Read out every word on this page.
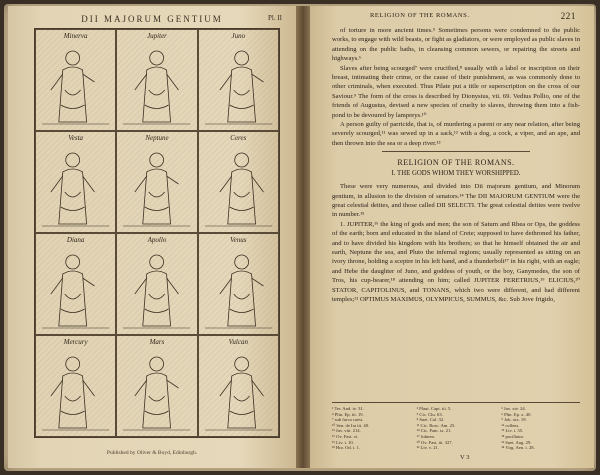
DII MAJORUM GENTIUM	Pl. II
Minerva	Jupiter	Juno
Vesta	Neptune	Ceres
Diana	Apollo	Venus
Mercury	Mars	Vulcan
Published by Oliver & Boyd, Edinburgh.
RELIGION OF THE ROMANS.	221

of torture in more ancient times.⁵ Sometimes persons were condemned to the public works, to engage with wild beasts, or fight as gladiators, or were employed as public slaves in attending on the public baths, in cleansing common sewers, or repairing the streets and highways.⁶

Slaves after being scourged⁷ were crucified,⁸ usually with a label or inscription on their breast, intimating their crime, or the cause of their punishment, as was commonly done to other criminals, when executed. Thus Pilate put a title or superscription on the cross of our Saviour.⁹ The form of the cross is described by Dionysius, vii. 69. Vedius Pollio, one of the friends of Augustus, devised a new species of cruelty to slaves, throwing them into a fish-pond to be devoured by lampreys.¹⁰

A person guilty of parricide, that is, of murdering a parent or any near relation, after being severely scourged,¹¹ was sewed up in a sack,¹² with a dog, a cock, a viper, and an ape, and then thrown into the sea or a deep river.¹³

RELIGION OF THE ROMANS.
I. THE GODS WHOM THEY WORSHIPPED.

These were very numerous, and divided into Dii majorum gentium, and Minorum gentium, in allusion to the division of senators.¹⁴ The DII MAJORUM GENTIUM were the great celestial deities, and those called DII SELECTI. The great celestial deities were twelve in number.¹⁵

1. JUPITER,¹⁶ the king of gods and men; the son of Saturn and Rhea or Ops, the goddess of the earth; born and educated in the island of Crete; supposed to have dethroned his father, and to have divided his kingdom with his brothers; so that he himself obtained the air and earth, Neptune the sea, and Pluto the infernal regions; usually represented as sitting on an ivory throne, holding a sceptre in his left hand, and a thunderbolt¹⁷ in his right, with an eagle; and Hebe the daughter of Juno, and goddess of youth, or the boy, Ganymedes, the son of Tros, his cup-bearer,¹⁸ attending on him; called JUPITER FERETRIUS,¹⁹ ELICIUS,²⁰ STATOR, CAPITOLINUS, and TONANS, which two were different, and had different temples;²¹ OPTIMUS MAXIMUS, OLYMPICUS, SUMMUS, &c. Sub Jove frigido,

¹ Ter. And. iv. 31.	² Plaut. Capt. iii. 5.	³ Juv. xiv. 24.
⁴ Plin. Ep. iii. 19.	⁵ Cic. Clu. 63.	⁶ Plin. Ep. x. 40.
⁷ sub furca caesi.	⁸ Suet. Cal. 32.	⁹ Joh. xix. 19.
¹⁰ Sen. de Ira iii. 40.	¹¹ Cic. Rosc. Am. 25.	¹² culleus.
¹³ Juv. viii. 214.	¹⁴ Cic. Fam. ix. 21.	¹⁵ Liv. i. 35.
¹⁶ Ov. Fast. vi.	¹⁷ fulmen.	¹⁸ pocillator.
¹⁹ Liv. i. 10.	²⁰ Ov. Fast. iii. 327.	²¹ Suet. Aug. 29.
²² Hor. Od. i. 1.	²³ Liv. v. 21.	²⁴ Virg. Aen. i. 28.
V 3
